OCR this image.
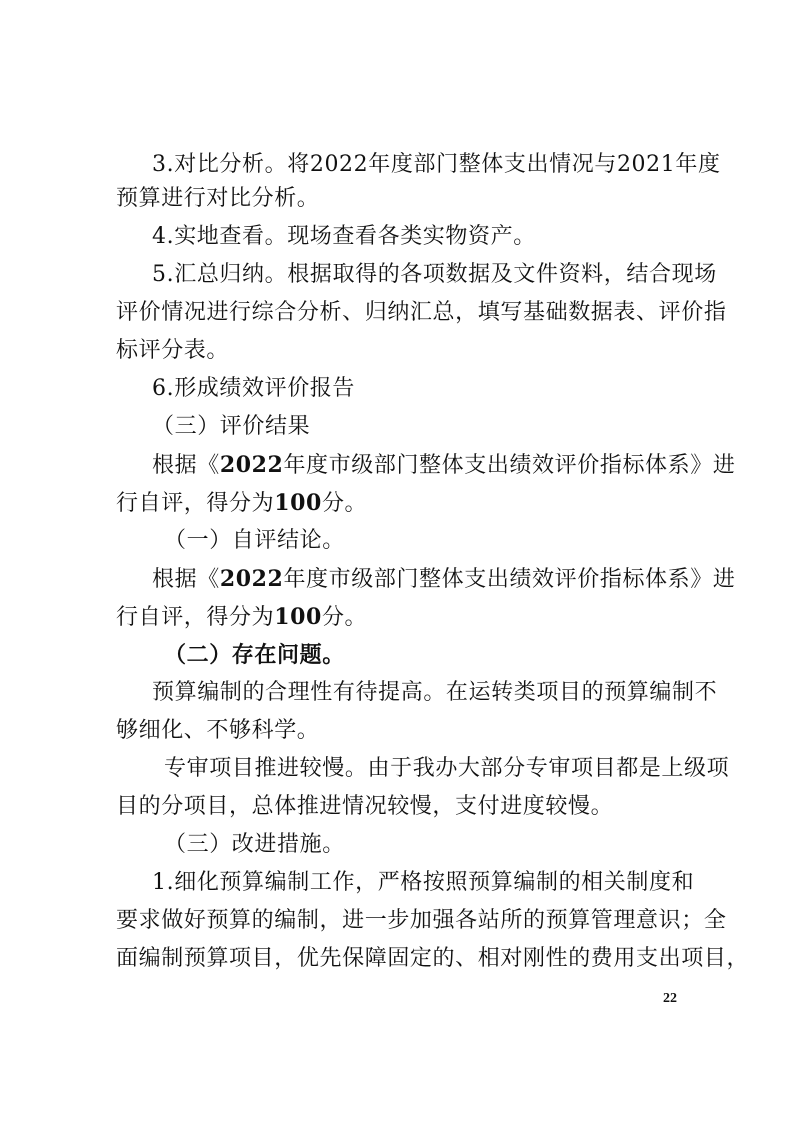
3 . 对 比 分 析 。 将 2022 年 度 部 门 整 体 支 出 情 况 与 2021 年 度
预算进行对比分析。
4.实地查看。现场查看各类实物资产。
5 . 汇 总 归 纳 。 根 据 取 得 的 各 项 数 据 及 文 件 资 料 ， 结 合 现 场
评 价 情 况 进 行 综 合 分 析 、 归 纳 汇 总 ， 填 写 基 础 数 据 表 、 评 价 指
标评分表。
6.形成绩效评价报告
（三）评价结果
根据《2022年度市级部门整体支出绩效评价指标体系》进
行自评，得分为100分。
（一）自评结论。
根据《2022年度市级部门整体支出绩效评价指标体系》进
行自评，得分为100分。
（二）存在问题。
预 算 编 制 的 合 理 性 有 待 提 高 。 在 运 转 类 项 目 的 预 算 编 制 不
够细化、不够科学。
专 审 项 目 推 进 较 慢 。 由 于 我 办 大 部 分 专 审 项 目 都 是 上 级 项
目的分项目，总体推进情况较慢，支付进度较慢。
（三）改进措施。
1 . 细 化 预 算 编 制 工 作 ， 严 格 按 照 预 算 编 制 的 相 关 制 度 和
要 求 做 好 预 算 的 编 制 ， 进 一 步 加 强 各 站 所 的 预 算 管 理 意 识 ； 全
面 编 制 预 算 项 目 ， 优 先 保 障 固 定 的 、 相 对 刚 性 的 费 用 支 出 项 目 ，
22
